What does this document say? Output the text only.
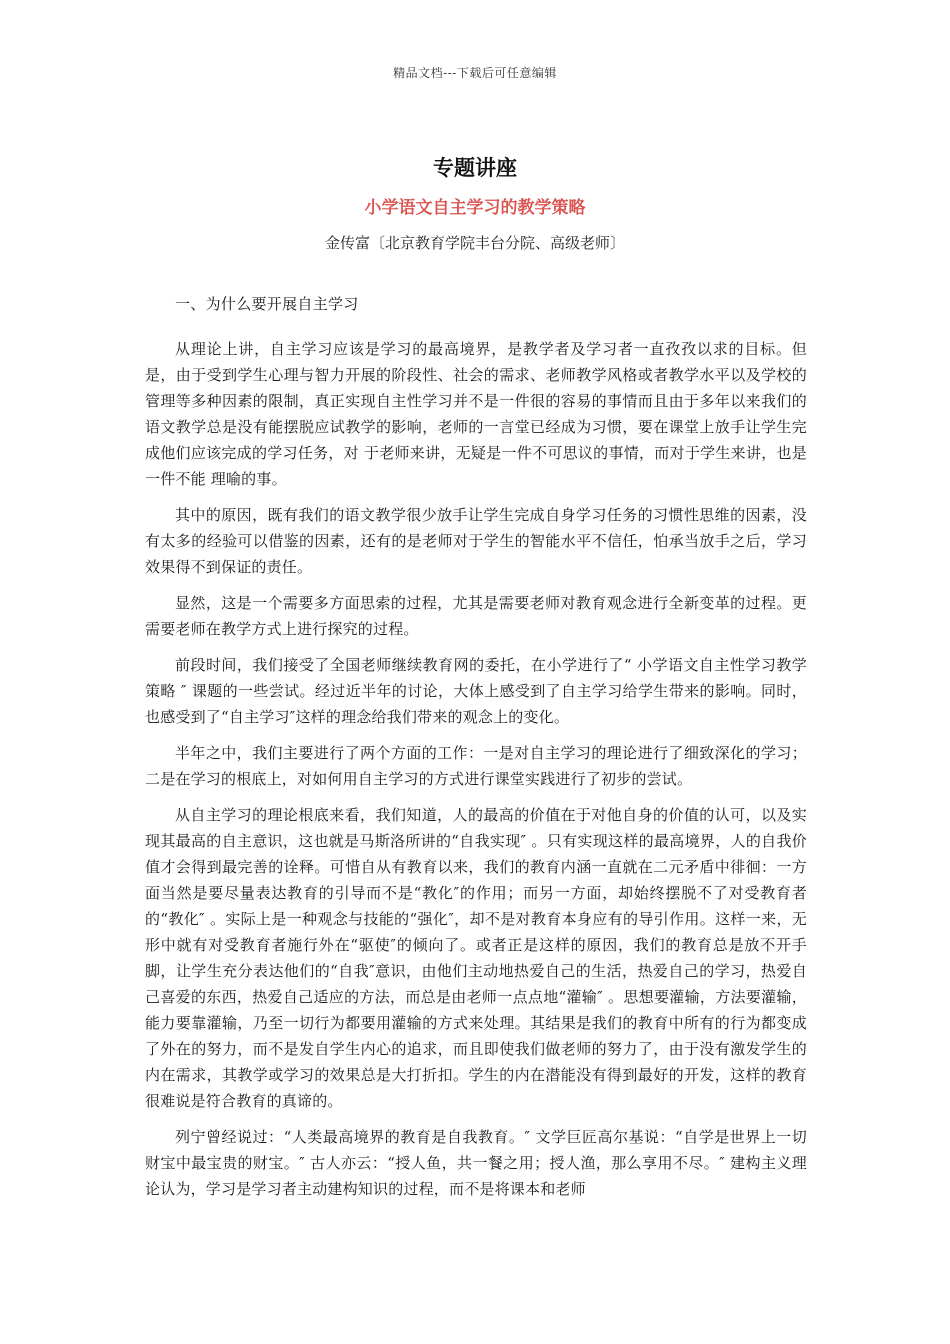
精品文档---下载后可任意编辑
专题讲座
小学语文自主学习的教学策略
金传富〔北京教育学院丰台分院、高级老师〕
一、为什么要开展自主学习

从理论上讲，自主学习应该是学习的最高境界，是教学者及学习者一直孜孜以求的目标。但是，由于受到学生心理与智力开展的阶段性、社会的需求、老师教学风格或者教学水平以及学校的管理等多种因素的限制，真正实现自主性学习并不是一件很的容易的事情而且由于多年以来我们的语文教学总是没有能摆脱应试教学的影响，老师的一言堂已经成为习惯，要在课堂上放手让学生完成他们应该完成的学习任务，对 于老师来讲，无疑是一件不可思议的事情，而对于学生来讲，也是一件不能 理喻的事。

其中的原因，既有我们的语文教学很少放手让学生完成自身学习任务的习惯性思维的因素，没有太多的经验可以借鉴的因素，还有的是老师对于学生的智能水平不信任，怕承当放手之后，学习效果得不到保证的责任。

显然，这是一个需要多方面思索的过程，尤其是需要老师对教育观念进行全新变革的过程。更需要老师在教学方式上进行探究的过程。

前段时间，我们接受了全国老师继续教育网的委托，在小学进行了“ 小学语文自主性学习教学策略 ″ 课题的一些尝试。经过近半年的讨论，大体上感受到了自主学习给学生带来的影响。同时，也感受到了“自主学习″这样的理念给我们带来的观念上的变化。

半年之中，我们主要进行了两个方面的工作：一是对自主学习的理论进行了细致深化的学习；二是在学习的根底上，对如何用自主学习的方式进行课堂实践进行了初步的尝试。

从自主学习的理论根底来看，我们知道，人的最高的价值在于对他自身的价值的认可，以及实现其最高的自主意识，这也就是马斯洛所讲的“自我实现″ 。只有实现这样的最高境界，人的自我价值才会得到最完善的诠释。可惜自从有教育以来，我们的教育内涵一直就在二元矛盾中徘徊：一方面当然是要尽量表达教育的引导而不是“教化″的作用；而另一方面，却始终摆脱不了对受教育者的“教化″ 。实际上是一种观念与技能的“强化″，却不是对教育本身应有的导引作用。这样一来，无形中就有对受教育者施行外在“驱使″的倾向了。或者正是这样的原因，我们的教育总是放不开手脚，让学生充分表达他们的“自我″意识，由他们主动地热爱自己的生活，热爱自己的学习，热爱自己喜爱的东西，热爱自己适应的方法，而总是由老师一点点地“灌输″ 。思想要灌输，方法要灌输，能力要靠灌输，乃至一切行为都要用灌输的方式来处理。其结果是我们的教育中所有的行为都变成了外在的努力，而不是发自学生内心的追求，而且即使我们做老师的努力了，由于没有激发学生的内在需求，其教学或学习的效果总是大打折扣。学生的内在潜能没有得到最好的开发，这样的教育很难说是符合教育的真谛的。

列宁曾经说过：“人类最高境界的教育是自我教育。″ 文学巨匠高尔基说：“自学是世界上一切财宝中最宝贵的财宝。″ 古人亦云：“授人鱼，共一餐之用；授人渔，那么享用不尽。″ 建构主义理论认为，学习是学习者主动建构知识的过程，而不是将课本和老师
